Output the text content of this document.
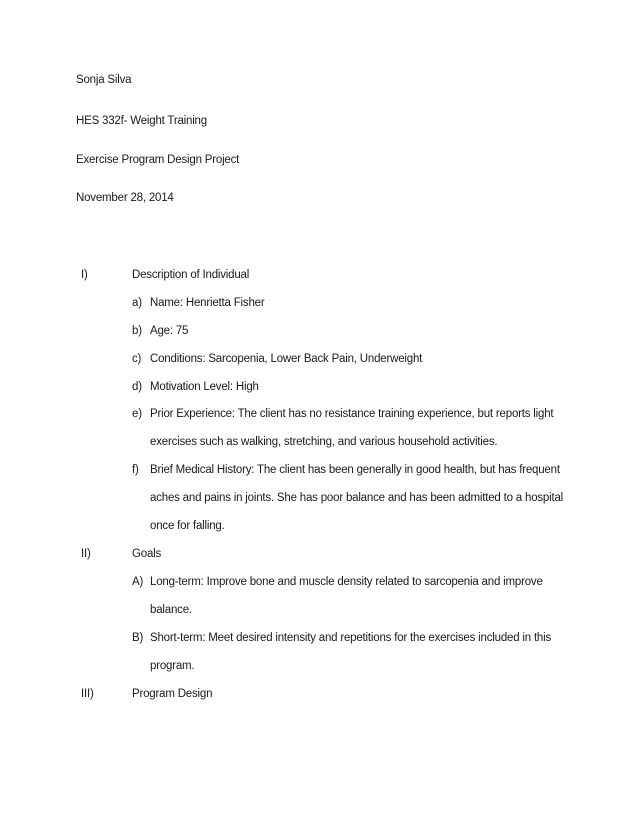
Sonja Silva
HES 332f- Weight Training
Exercise Program Design Project
November 28, 2014
I)	Description of Individual
a) Name: Henrietta Fisher
b) Age: 75
c) Conditions: Sarcopenia, Lower Back Pain, Underweight
d) Motivation Level: High
e) Prior Experience: The client has no resistance training experience, but reports light
exercises such as walking, stretching, and various household activities.
f) Brief Medical History: The client has been generally in good health, but has frequent
aches and pains in joints. She has poor balance and has been admitted to a hospital
once for falling.
II)	Goals
A) Long-term: Improve bone and muscle density related to sarcopenia and improve
balance.
B) Short-term: Meet desired intensity and repetitions for the exercises included in this
program.
III)	Program Design
